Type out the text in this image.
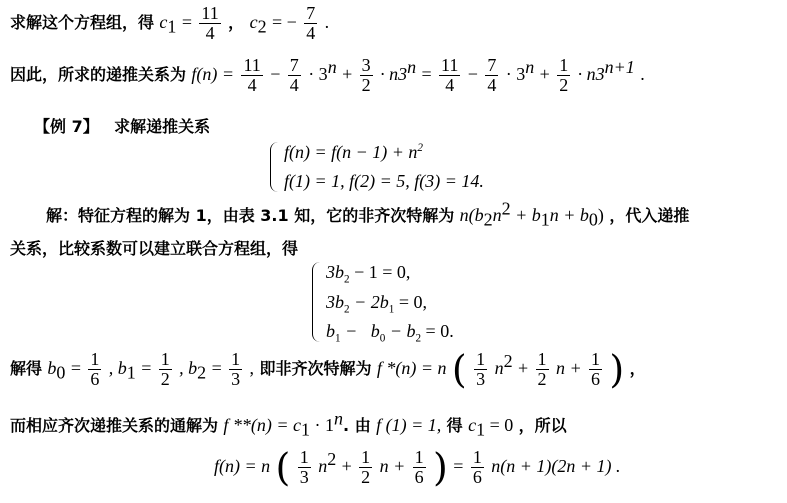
求解这个方程组，得 $c_1 = \frac{11}{4}$ ， $c_2$ = − $\frac{7}{4}$ .
因此，所求的递推关系为 $f(n) = \frac{11}{4} - \frac{7}{4} \cdot 3^n + \frac{3}{2} \cdot n3^n = \frac{11}{4} - \frac{7}{4} \cdot 3^n + \frac{1}{2} \cdot n3^{n+1}$ .
【例 7】 求解递推关系
$f(n) = f(n - 1) + n^2$
f(1) = 1, f(2) = 5, f(3) = 14.
解：特征方程的解为 1，由表 3.1 知，它的非齐次特解为 $n(b_2n^2 + b_1n + b_0)$ ，代入递推
关系，比较系数可以建立联合方程组，得
$3b_2 - 1 = 0$,
$3b_2 - 2b_1 = 0$,
$b_1 - b_0 - b_2 = 0$.
解得 $b_0 = \frac{1}{6}$ , $b_1 = \frac{1}{2}$ , $b_2 = \frac{1}{3}$ , 即非齐次特解为 f *(n) = n ( $\frac{1}{3} n^2 + \frac{1}{2}$ $n + \frac{1}{6}$ ) ，
而相应齐次递推关系的通解为 f $**(n) = c_1 \cdot 1^n$. 由 f (1) = 1, 得 $c_1 = 0$ ，所以
f(n) = n ( $\frac{1}{3} n^2 + \frac{1}{2}$ $n + \frac{1}{6}$ ) = $\frac{1}{6} n(n + 1)(2n + 1)$ .
